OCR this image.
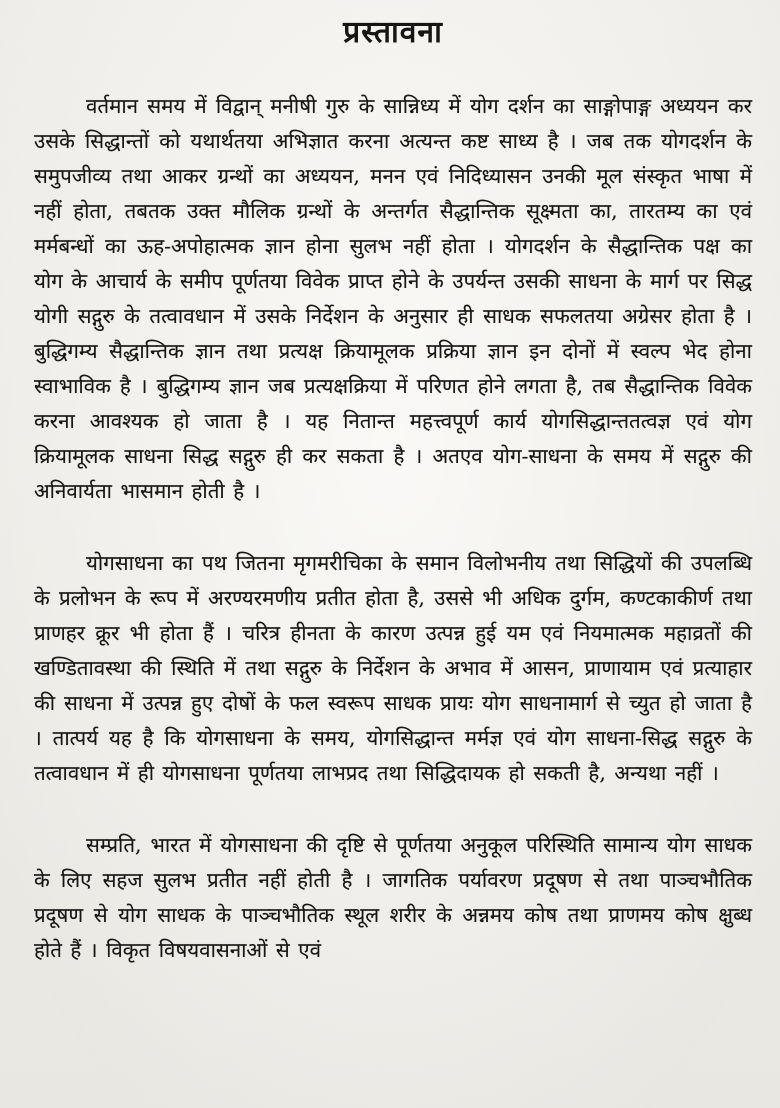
प्रस्तावना

वर्तमान समय में विद्वान् मनीषी गुरु के सान्निध्य में योग दर्शन का साङ्गोपाङ्ग अध्ययन कर उसके सिद्धान्तों को यथार्थतया अभिज्ञात करना अत्यन्त कष्ट साध्य है । जब तक योगदर्शन के समुपजीव्य तथा आकर ग्रन्थों का अध्ययन, मनन एवं निदिध्यासन उनकी मूल संस्कृत भाषा में नहीं होता, तबतक उक्त मौलिक ग्रन्थों के अन्तर्गत सैद्धान्तिक सूक्ष्मता का, तारतम्य का एवं मर्मबन्धों का ऊह-अपोहात्मक ज्ञान होना सुलभ नहीं होता । योगदर्शन के सैद्धान्तिक पक्ष का योग के आचार्य के समीप पूर्णतया विवेक प्राप्त होने के उपर्यन्त उसकी साधना के मार्ग पर सिद्ध योगी सद्गुरु के तत्वावधान में उसके निर्देशन के अनुसार ही साधक सफलतया अग्रेसर होता है । बुद्धिगम्य सैद्धान्तिक ज्ञान तथा प्रत्यक्ष क्रियामूलक प्रक्रिया ज्ञान इन दोनों में स्वल्प भेद होना स्वाभाविक है । बुद्धिगम्य ज्ञान जब प्रत्यक्षक्रिया में परिणत होने लगता है, तब सैद्धान्तिक विवेक करना आवश्यक हो जाता है । यह नितान्त महत्त्वपूर्ण कार्य योगसिद्धान्ततत्वज्ञ एवं योग क्रियामूलक साधना सिद्ध सद्गुरु ही कर सकता है । अतएव योग-साधना के समय में सद्गुरु की अनिवार्यता भासमान होती है ।

योगसाधना का पथ जितना मृगमरीचिका के समान विलोभनीय तथा सिद्धियों की उपलब्धि के प्रलोभन के रूप में अरण्यरमणीय प्रतीत होता है, उससे भी अधिक दुर्गम, कण्टकाकीर्ण तथा प्राणहर क्रूर भी होता हैं । चरित्र हीनता के कारण उत्पन्न हुई यम एवं नियमात्मक महाव्रतों की खण्डितावस्था की स्थिति में तथा सद्गुरु के निर्देशन के अभाव में आसन, प्राणायाम एवं प्रत्याहार की साधना में उत्पन्न हुए दोषों के फल स्वरूप साधक प्रायः योग साधनामार्ग से च्युत हो जाता है । तात्पर्य यह है कि योगसाधना के समय, योगसिद्धान्त मर्मज्ञ एवं योग साधना-सिद्ध सद्गुरु के तत्वावधान में ही योगसाधना पूर्णतया लाभप्रद तथा सिद्धिदायक हो सकती है, अन्यथा नहीं ।

सम्प्रति, भारत में योगसाधना की दृष्टि से पूर्णतया अनुकूल परिस्थिति सामान्य योग साधक के लिए सहज सुलभ प्रतीत नहीं होती है । जागतिक पर्यावरण प्रदूषण से तथा पाञ्चभौतिक प्रदूषण से योग साधक के पाञ्चभौतिक स्थूल शरीर के अन्नमय कोष तथा प्राणमय कोष क्षुब्ध होते हैं । विकृत विषयवासनाओं से एवं
